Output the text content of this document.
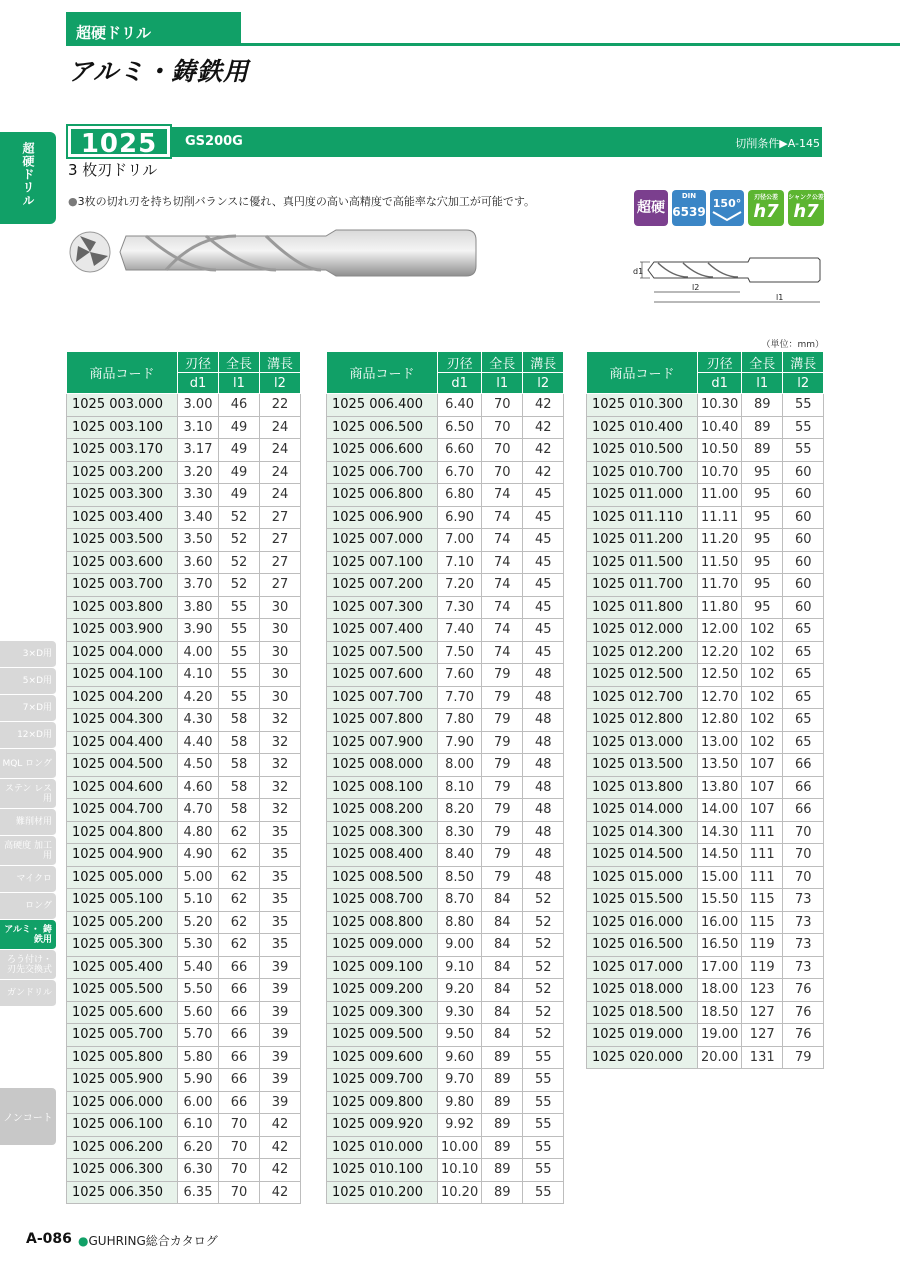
超硬ドリル
アルミ・鋳鉄用
超硬ドリル
3×D用
5×D用
7×D用
12×D用
MQL ロング
ステン レス用
難削材用
高硬度 加工用
マイクロ
ロング
アルミ・ 鋳鉄用
ろう付け・ 刃先交換式
ガンドリル
ノンコート
1025	GS200G	切削条件▶A-145
3 枚刃ドリル
●3枚の切れ刃を持ち切削バランスに優れ、真円度の高い高精度で高能率な穴加工が可能です。	超硬
DIN
6539
150°	刃径公差
h7
シャンク公差
h7
d1
l2
l1
（単位：mm）
商品コード	刃径	全長	溝長
	d1	l1	l2
1025 003.000	3.00	46	22
1025 003.100	3.10	49	24
1025 003.170	3.17	49	24
1025 003.200	3.20	49	24
1025 003.300	3.30	49	24
1025 003.400	3.40	52	27
1025 003.500	3.50	52	27
1025 003.600	3.60	52	27
1025 003.700	3.70	52	27
1025 003.800	3.80	55	30
1025 003.900	3.90	55	30
1025 004.000	4.00	55	30
1025 004.100	4.10	55	30
1025 004.200	4.20	55	30
1025 004.300	4.30	58	32
1025 004.400	4.40	58	32
1025 004.500	4.50	58	32
1025 004.600	4.60	58	32
1025 004.700	4.70	58	32
1025 004.800	4.80	62	35
1025 004.900	4.90	62	35
1025 005.000	5.00	62	35
1025 005.100	5.10	62	35
1025 005.200	5.20	62	35
1025 005.300	5.30	62	35
1025 005.400	5.40	66	39
1025 005.500	5.50	66	39
1025 005.600	5.60	66	39
1025 005.700	5.70	66	39
1025 005.800	5.80	66	39
1025 005.900	5.90	66	39
1025 006.000	6.00	66	39
1025 006.100	6.10	70	42
1025 006.200	6.20	70	42
1025 006.300	6.30	70	42
1025 006.350	6.35	70	42
商品コード	刃径	全長	溝長
	d1	l1	l2
1025 006.400	6.40	70	42
1025 006.500	6.50	70	42
1025 006.600	6.60	70	42
1025 006.700	6.70	70	42
1025 006.800	6.80	74	45
1025 006.900	6.90	74	45
1025 007.000	7.00	74	45
1025 007.100	7.10	74	45
1025 007.200	7.20	74	45
1025 007.300	7.30	74	45
1025 007.400	7.40	74	45
1025 007.500	7.50	74	45
1025 007.600	7.60	79	48
1025 007.700	7.70	79	48
1025 007.800	7.80	79	48
1025 007.900	7.90	79	48
1025 008.000	8.00	79	48
1025 008.100	8.10	79	48
1025 008.200	8.20	79	48
1025 008.300	8.30	79	48
1025 008.400	8.40	79	48
1025 008.500	8.50	79	48
1025 008.700	8.70	84	52
1025 008.800	8.80	84	52
1025 009.000	9.00	84	52
1025 009.100	9.10	84	52
1025 009.200	9.20	84	52
1025 009.300	9.30	84	52
1025 009.500	9.50	84	52
1025 009.600	9.60	89	55
1025 009.700	9.70	89	55
1025 009.800	9.80	89	55
1025 009.920	9.92	89	55
1025 010.000	10.00	89	55
1025 010.100	10.10	89	55
1025 010.200	10.20	89	55
商品コード	刃径	全長	溝長
	d1	l1	l2
1025 010.300	10.30	89	55
1025 010.400	10.40	89	55
1025 010.500	10.50	89	55
1025 010.700	10.70	95	60
1025 011.000	11.00	95	60
1025 011.110	11.11	95	60
1025 011.200	11.20	95	60
1025 011.500	11.50	95	60
1025 011.700	11.70	95	60
1025 011.800	11.80	95	60
1025 012.000	12.00	102	65
1025 012.200	12.20	102	65
1025 012.500	12.50	102	65
1025 012.700	12.70	102	65
1025 012.800	12.80	102	65
1025 013.000	13.00	102	65
1025 013.500	13.50	107	66
1025 013.800	13.80	107	66
1025 014.000	14.00	107	66
1025 014.300	14.30	111	70
1025 014.500	14.50	111	70
1025 015.000	15.00	111	70
1025 015.500	15.50	115	73
1025 016.000	16.00	115	73
1025 016.500	16.50	119	73
1025 017.000	17.00	119	73
1025 018.000	18.00	123	76
1025 018.500	18.50	127	76
1025 019.000	19.00	127	76
1025 020.000	20.00	131	79
A-086 ●GUHRING総合カタログ
